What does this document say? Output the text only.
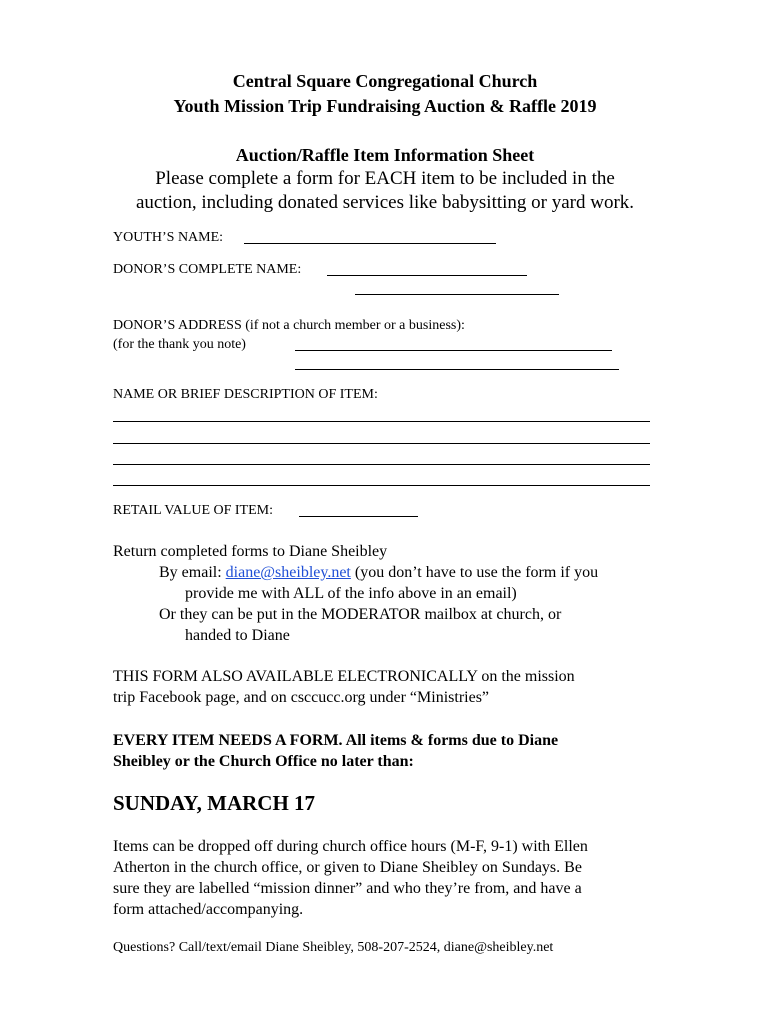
Central Square Congregational Church
Youth Mission Trip Fundraising Auction & Raffle 2019
Auction/Raffle Item Information Sheet
Please complete a form for EACH item to be included in the
auction, including donated services like babysitting or yard work.
YOUTH’S NAME:
DONOR’S COMPLETE NAME:
DONOR’S ADDRESS (if not a church member or a business):
(for the thank you note)
NAME OR BRIEF DESCRIPTION OF ITEM:
RETAIL VALUE OF ITEM:
Return completed forms to Diane Sheibley
By email: diane@sheibley.net (you don’t have to use the form if you
provide me with ALL of the info above in an email)
Or they can be put in the MODERATOR mailbox at church, or
handed to Diane
THIS FORM ALSO AVAILABLE ELECTRONICALLY on the mission
trip Facebook page, and on csccucc.org under “Ministries”
EVERY ITEM NEEDS A FORM. All items & forms due to Diane
Sheibley or the Church Office no later than:
SUNDAY, MARCH 17
Items can be dropped off during church office hours (M-F, 9-1) with Ellen
Atherton in the church office, or given to Diane Sheibley on Sundays. Be
sure they are labelled “mission dinner” and who they’re from, and have a
form attached/accompanying.
Questions? Call/text/email Diane Sheibley, 508-207-2524, diane@sheibley.net
